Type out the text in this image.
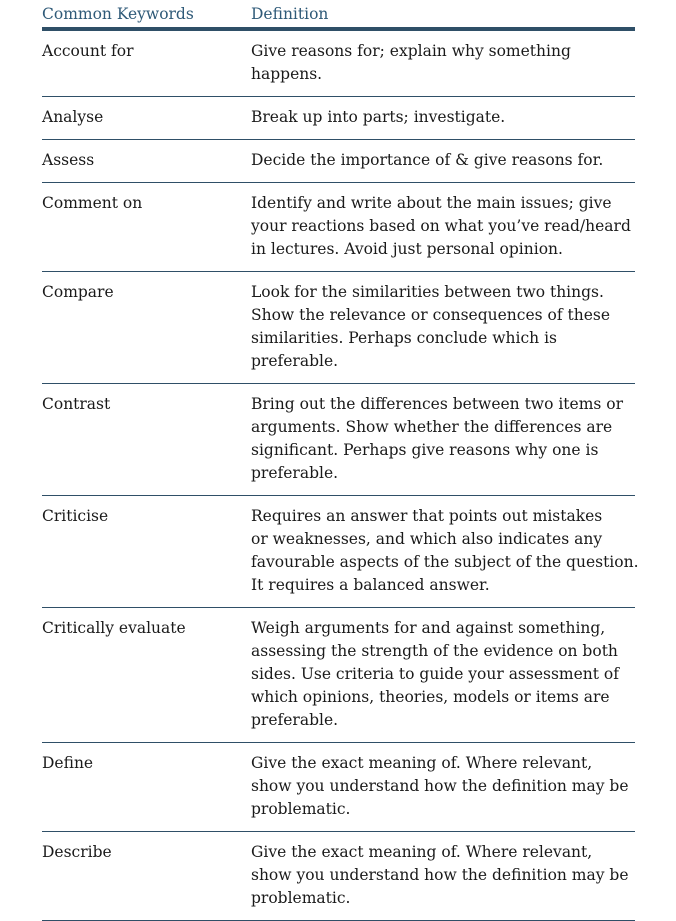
Common Keywords	Definition
Account for	Give reasons for; explain why something
happens.
Analyse	Break up into parts; investigate.
Assess	Decide the importance of & give reasons for.
Comment on	Identify and write about the main issues; give
your reactions based on what you’ve read/heard
in lectures. Avoid just personal opinion.
Compare	Look for the similarities between two things.
Show the relevance or consequences of these
similarities. Perhaps conclude which is
preferable.
Contrast	Bring out the differences between two items or
arguments. Show whether the differences are
significant. Perhaps give reasons why one is
preferable.
Criticise	Requires an answer that points out mistakes
or weaknesses, and which also indicates any
favourable aspects of the subject of the question.
It requires a balanced answer.
Critically evaluate	Weigh arguments for and against something,
assessing the strength of the evidence on both
sides. Use criteria to guide your assessment of
which opinions, theories, models or items are
preferable.
Define	Give the exact meaning of. Where relevant,
show you understand how the definition may be
problematic.
Describe	Give the exact meaning of. Where relevant,
show you understand how the definition may be
problematic.
